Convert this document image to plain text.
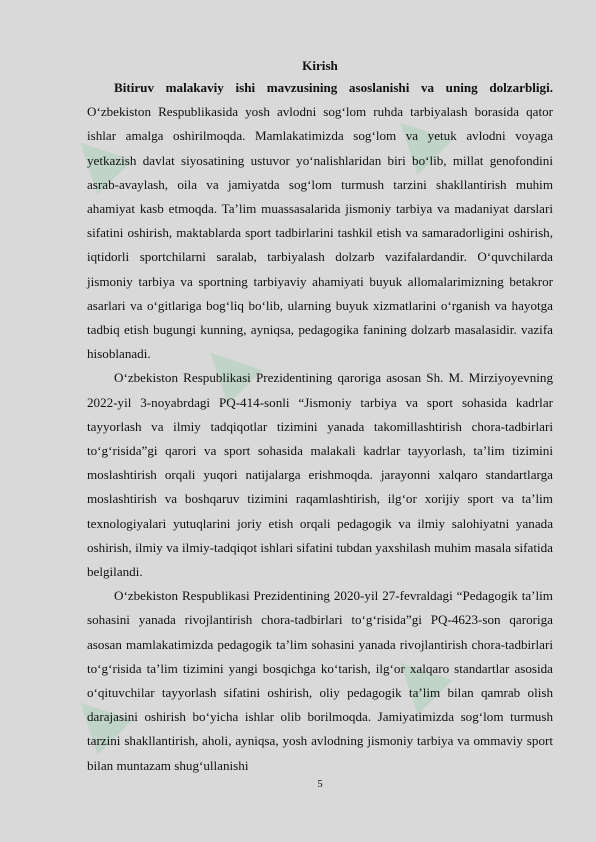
▲	▲
▲
▲	▲

Kirish

Bitiruv malakaviy ishi mavzusining asoslanishi va uning dolzarbligi. O‘zbekiston Respublikasida yosh avlodni sog‘lom ruhda tarbiyalash borasida qator ishlar amalga oshirilmoqda. Mamlakatimizda sog‘lom va yetuk avlodni voyaga yetkazish davlat siyosatining ustuvor yo‘nalishlaridan biri bo‘lib, millat genofondini asrab-avaylash, oila va jamiyatda sog‘lom turmush tarzini shakllantirish muhim ahamiyat kasb etmoqda. Ta’lim muassasalarida jismoniy tarbiya va madaniyat darslari sifatini oshirish, maktablarda sport tadbirlarini tashkil etish va samaradorligini oshirish, iqtidorli sportchilarni saralab, tarbiyalash dolzarb vazifalardandir. O‘quvchilarda jismoniy tarbiya va sportning tarbiyaviy ahamiyati buyuk allomalarimizning betakror asarlari va o‘gitlariga bog‘liq bo‘lib, ularning buyuk xizmatlarini o‘rganish va hayotga tadbiq etish bugungi kunning, ayniqsa, pedagogika fanining dolzarb masalasidir. vazifa hisoblanadi.

O‘zbekiston Respublikasi Prezidentining qaroriga asosan Sh. M. Mirziyoyevning 2022-yil 3-noyabrdagi PQ-414-sonli “Jismoniy tarbiya va sport sohasida kadrlar tayyorlash va ilmiy tadqiqotlar tizimini yanada takomillashtirish chora-tadbirlari to‘g‘risida”gi qarori va sport sohasida malakali kadrlar tayyorlash, ta’lim tizimini moslashtirish orqali yuqori natijalarga erishmoqda. jarayonni xalqaro standartlarga moslashtirish va boshqaruv tizimini raqamlashtirish, ilg‘or xorijiy sport va ta’lim texnologiyalari yutuqlarini joriy etish orqali pedagogik va ilmiy salohiyatni yanada oshirish, ilmiy va ilmiy-tadqiqot ishlari sifatini tubdan yaxshilash muhim masala sifatida belgilandi.

O‘zbekiston Respublikasi Prezidentining 2020-yil 27-fevraldagi “Pedagogik ta’lim sohasini yanada rivojlantirish chora-tadbirlari to‘g‘risida”gi PQ-4623-son qaroriga asosan mamlakatimizda pedagogik ta’lim sohasini yanada rivojlantirish chora-tadbirlari to‘g‘risida ta’lim tizimini yangi bosqichga ko‘tarish, ilg‘or xalqaro standartlar asosida o‘qituvchilar tayyorlash sifatini oshirish, oliy pedagogik ta’lim bilan qamrab olish darajasini oshirish bo‘yicha ishlar olib borilmoqda. Jamiyatimizda sog‘lom turmush tarzini shakllantirish, aholi, ayniqsa, yosh avlodning jismoniy tarbiya va ommaviy sport bilan muntazam shug‘ullanishi

5
